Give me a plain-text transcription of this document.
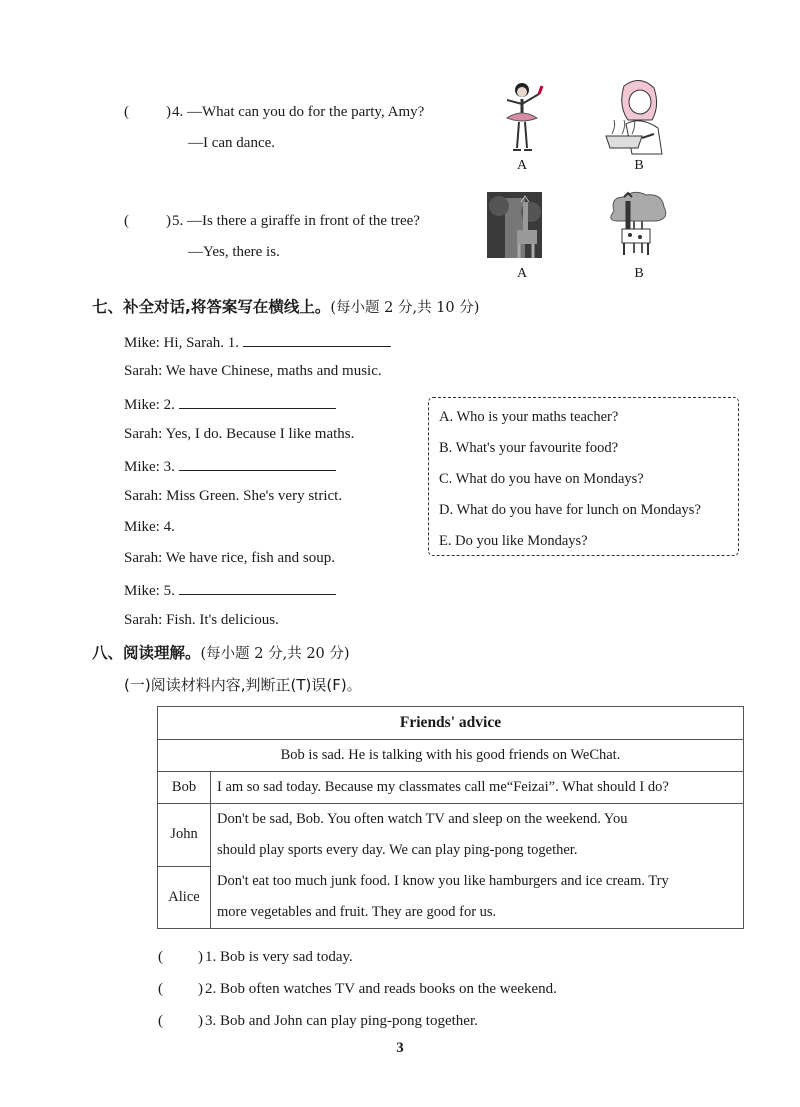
( ) 4. —What can you do for the party, Amy?
—I can dance.
A	B
( ) 5. —Is there a giraffe in front of the tree?
—Yes, there is.
A	B
七、补全对话,将答案写在横线上。(每小题 2 分,共 10 分)
Mike: Hi, Sarah. 1.
Sarah: We have Chinese, maths and music.
Mike: 2.
Sarah: Yes, I do. Because I like maths.
Mike: 3.
Sarah: Miss Green. She's very strict.
Mike: 4.
Sarah: We have rice, fish and soup.
Mike: 5.
Sarah: Fish. It's delicious.
A. Who is your maths teacher?
B. What's your favourite food?
C. What do you have on Mondays?
D. What do you have for lunch on Mondays?
E. Do you like Mondays?
八、阅读理解。(每小题 2 分,共 20 分)
(一)阅读材料内容,判断正(T)误(F)。
Friends' advice	
Bob is sad. He is talking with his good friends on WeChat.	
Bob	I am so sad today. Because my classmates call me“Feizai”. What should I do?
John	Don't be sad, Bob. You often watch TV and sleep on the weekend. You
should play sports every day. We can play ping-pong together.

Alice	Don't eat too much junk food. I know you like hamburgers and ice cream. Try
more vegetables and fruit. They are good for us.
( ) 1. Bob is very sad today.
( ) 2. Bob often watches TV and reads books on the weekend.
( ) 3. Bob and John can play ping-pong together.
3
